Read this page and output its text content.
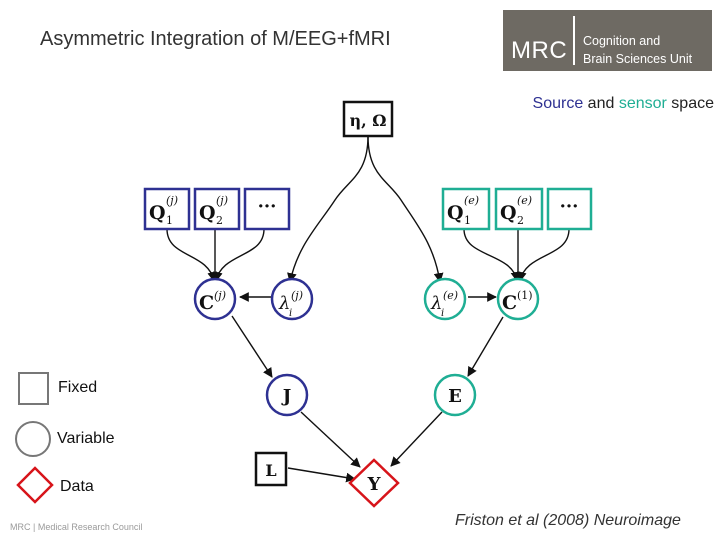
Asymmetric Integration of M/EEG+f​MRI	MRC Cognition and
Brain Sciences Unit
Source and sensor space
η, Ω
Q
(j)
1 Q
(j)
2
···	Q
(e)
1 Q
(e)
2
···
C (j)	λ (j)
i	λ (e)
i	C (1)
J	E
L
Y
Fixed
Variable
Data
Friston et al (2008) Neuroimage
MRC | Medical Research Council
